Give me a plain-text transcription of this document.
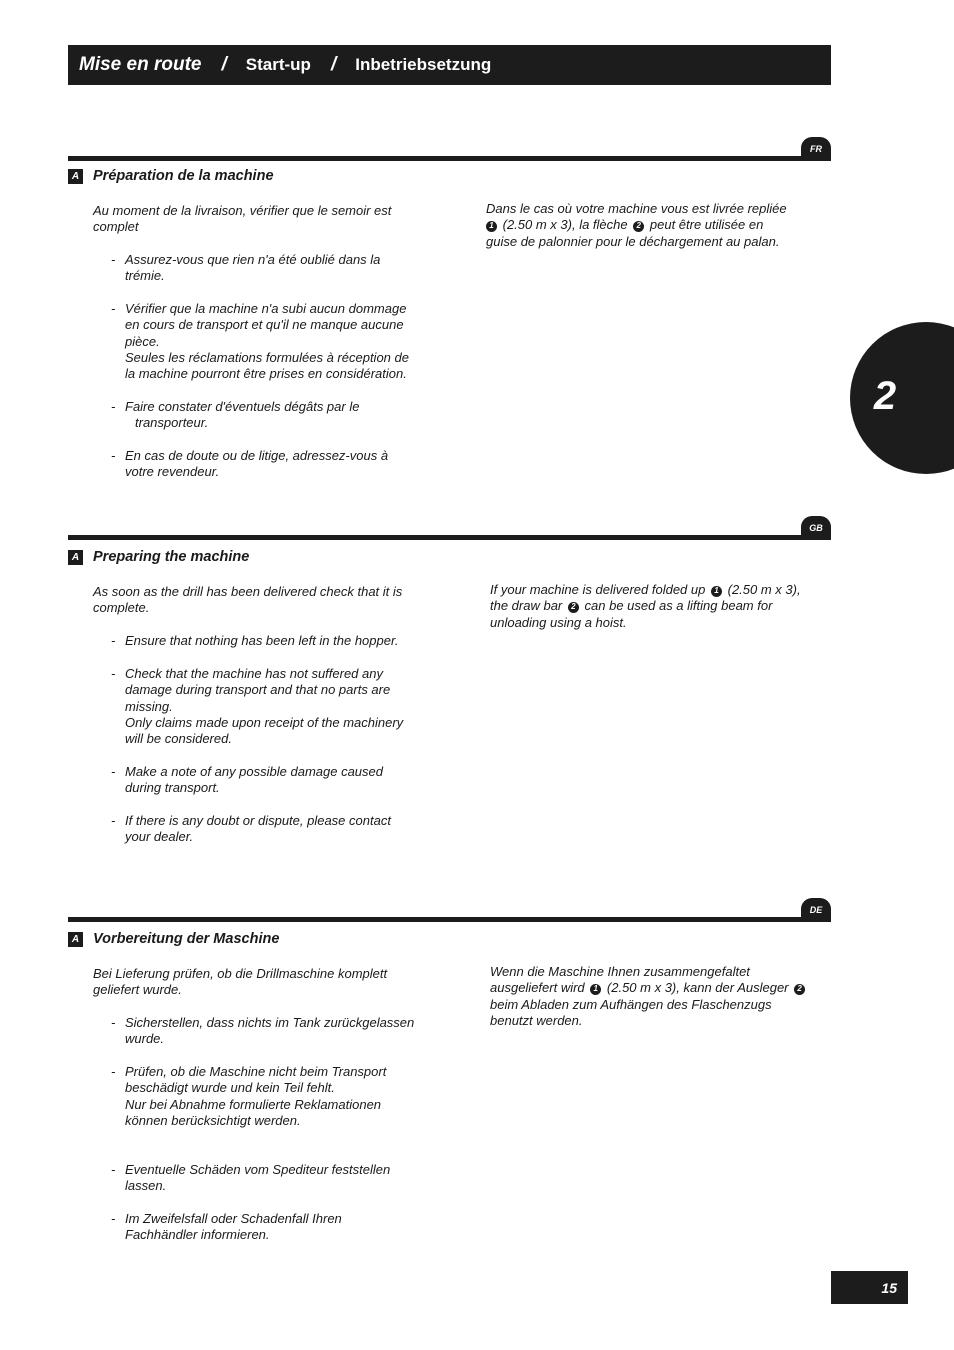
Mise en route / Start-up / Inbetriebsetzung
2
FR
A Préparation de la machine

Au moment de la livraison, vérifier que le semoir est

complet

- Assurez-vous que rien n'a été oublié dans la

trémie.

- Vérifier que la machine n'a subi aucun dommage

en cours de transport et qu'il ne manque aucune

pièce.

Seules les réclamations formulées à réception de

la machine pourront être prises en considération.

- Faire constater d'éventuels dégâts par le

transporteur.

- En cas de doute ou de litige, adressez-vous à

votre revendeur.

Dans le cas où votre machine vous est livrée repliée

1 (2.50 m x 3), la flèche 2 peut être utilisée en

guise de palonnier pour le déchargement au palan.

GB
A Preparing the machine

As soon as the drill has been delivered check that it is

complete.

- Ensure that nothing has been left in the hopper.

- Check that the machine has not suffered any

damage during transport and that no parts are

missing.

Only claims made upon receipt of the machinery

will be considered.

- Make a note of any possible damage caused

during transport.

- If there is any doubt or dispute, please contact

your dealer.

If your machine is delivered folded up 1 (2.50 m x 3),

the draw bar 2 can be used as a lifting beam for

unloading using a hoist.

DE
A Vorbereitung der Maschine

Bei Lieferung prüfen, ob die Drillmaschine komplett

geliefert wurde.

- Sicherstellen, dass nichts im Tank zurückgelassen

wurde.

- Prüfen, ob die Maschine nicht beim Transport

beschädigt wurde und kein Teil fehlt.

Nur bei Abnahme formulierte Reklamationen

können berücksichtigt werden.

- Eventuelle Schäden vom Spediteur feststellen

lassen.

- Im Zweifelsfall oder Schadenfall Ihren

Fachhändler informieren.

Wenn die Maschine Ihnen zusammengefaltet

ausgeliefert wird 1 (2.50 m x 3), kann der Ausleger 2

beim Abladen zum Aufhängen des Flaschenzugs

benutzt werden.

15
